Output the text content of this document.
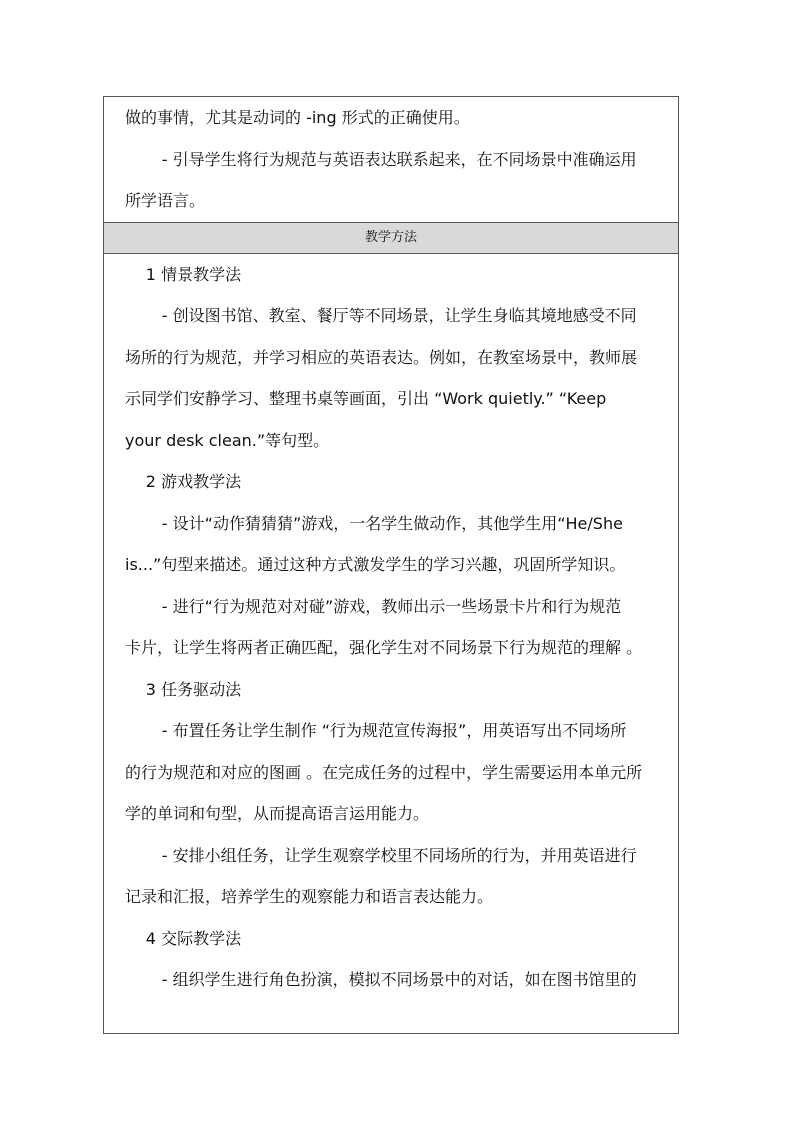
做的事情，尤其是动词的 -ing 形式的正确使用。

- 引导学生将行为规范与英语表达联系起来，在不同场景中准确运用

所学语言。

教学方法

1 情景教学法

- 创设图书馆、教室、餐厅等不同场景，让学生身临其境地感受不同

场所的行为规范，并学习相应的英语表达。例如，在教室场景中，教师展

示同学们安静学习、整理书桌等画面，引出 “Work quietly.” “Keep

your desk clean.”等句型。

2 游戏教学法

- 设计“动作猜猜猜”游戏，一名学生做动作，其他学生用“He/She

is...”句型来描述。通过这种方式激发学生的学习兴趣，巩固所学知识。

- 进行“行为规范对对碰”游戏，教师出示一些场景卡片和行为规范

卡片，让学生将两者正确匹配，强化学生对不同场景下行为规范的理解 。

3 任务驱动法

- 布置任务让学生制作 “行为规范宣传海报”，用英语写出不同场所

的行为规范和对应的图画 。在完成任务的过程中，学生需要运用本单元所

学的单词和句型，从而提高语言运用能力。

- 安排小组任务，让学生观察学校里不同场所的行为，并用英语进行

记录和汇报，培养学生的观察能力和语言表达能力。

4 交际教学法

- 组织学生进行角色扮演，模拟不同场景中的对话，如在图书馆里的
